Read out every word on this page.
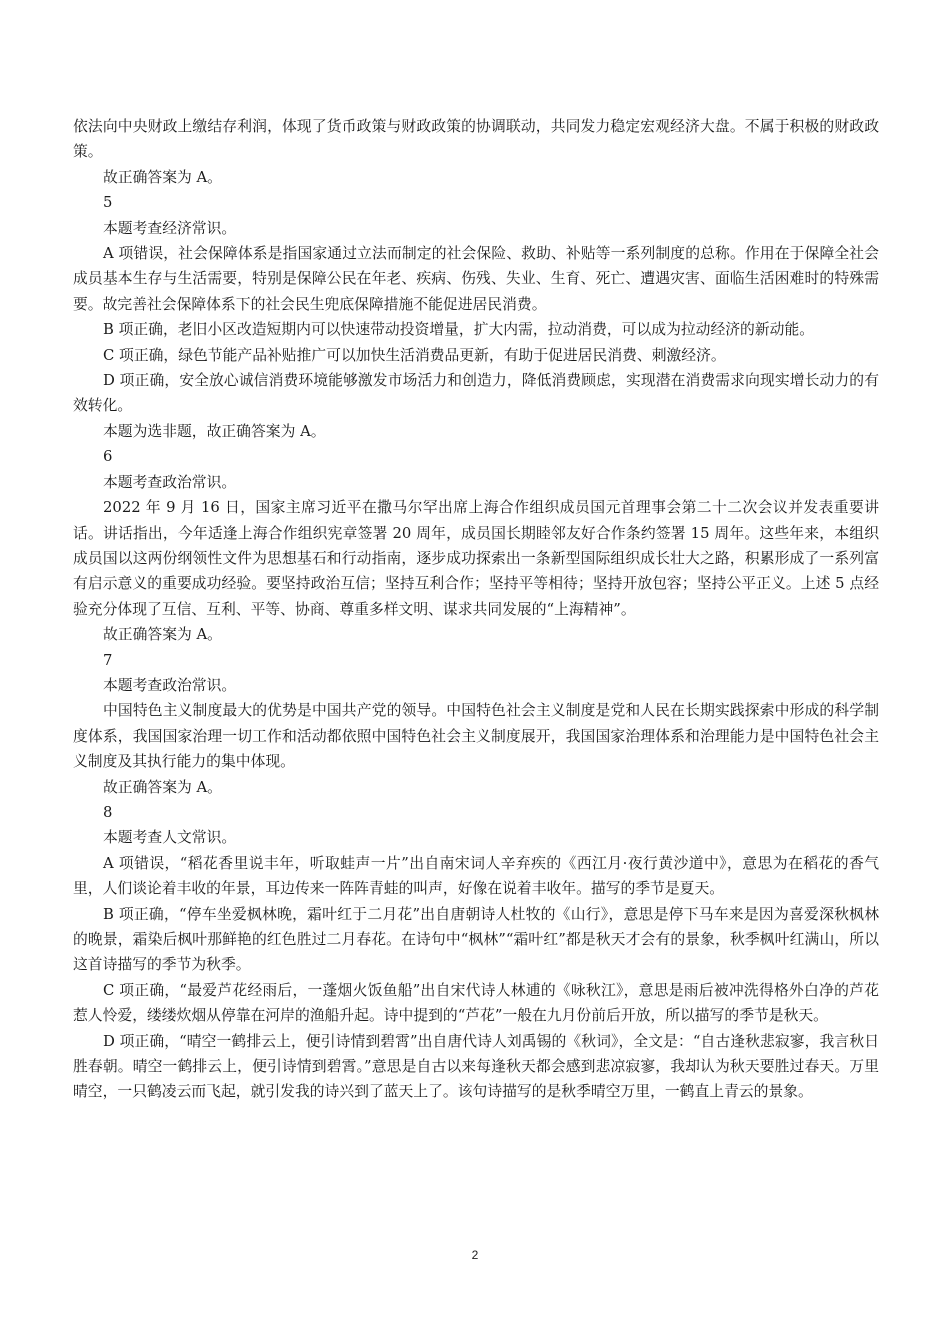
依法向中央财政上缴结存利润，体现了货币政策与财政政策的协调联动，共同发力稳定宏观经济大盘。不属于积极的财政政策。

故正确答案为 A。

5

本题考查经济常识。

A 项错误，社会保障体系是指国家通过立法而制定的社会保险、救助、补贴等一系列制度的总称。作用在于保障全社会成员基本生存与生活需要，特别是保障公民在年老、疾病、伤残、失业、生育、死亡、遭遇灾害、面临生活困难时的特殊需要。故完善社会保障体系下的社会民生兜底保障措施不能促进居民消费。

B 项正确，老旧小区改造短期内可以快速带动投资增量，扩大内需，拉动消费，可以成为拉动经济的新动能。

C 项正确，绿色节能产品补贴推广可以加快生活消费品更新，有助于促进居民消费、刺激经济。

D 项正确，安全放心诚信消费环境能够激发市场活力和创造力，降低消费顾虑，实现潜在消费需求向现实增长动力的有效转化。

本题为选非题，故正确答案为 A。

6

本题考查政治常识。

2022 年 9 月 16 日，国家主席习近平在撒马尔罕出席上海合作组织成员国元首理事会第二十二次会议并发表重要讲话。讲话指出，今年适逢上海合作组织宪章签署 20 周年，成员国长期睦邻友好合作条约签署 15 周年。这些年来，本组织成员国以这两份纲领性文件为思想基石和行动指南，逐步成功探索出一条新型国际组织成长壮大之路，积累形成了一系列富有启示意义的重要成功经验。要坚持政治互信；坚持互利合作；坚持平等相待；坚持开放包容；坚持公平正义。上述 5 点经验充分体现了互信、互利、平等、协商、尊重多样文明、谋求共同发展的“上海精神”。

故正确答案为 A。

7

本题考查政治常识。

中国特色主义制度最大的优势是中国共产党的领导。中国特色社会主义制度是党和人民在长期实践探索中形成的科学制度体系，我国国家治理一切工作和活动都依照中国特色社会主义制度展开，我国国家治理体系和治理能力是中国特色社会主义制度及其执行能力的集中体现。

故正确答案为 A。

8

本题考查人文常识。

A 项错误，“稻花香里说丰年，听取蛙声一片”出自南宋词人辛弃疾的《西江月·夜行黄沙道中》，意思为在稻花的香气里，人们谈论着丰收的年景，耳边传来一阵阵青蛙的叫声，好像在说着丰收年。描写的季节是夏天。

B 项正确，“停车坐爱枫林晚，霜叶红于二月花”出自唐朝诗人杜牧的《山行》，意思是停下马车来是因为喜爱深秋枫林的晚景，霜染后枫叶那鲜艳的红色胜过二月春花。在诗句中“枫林”“霜叶红”都是秋天才会有的景象，秋季枫叶红满山，所以这首诗描写的季节为秋季。

C 项正确，“最爱芦花经雨后，一蓬烟火饭鱼船”出自宋代诗人林逋的《咏秋江》，意思是雨后被冲洗得格外白净的芦花惹人怜爱，缕缕炊烟从停靠在河岸的渔船升起。诗中提到的“芦花”一般在九月份前后开放，所以描写的季节是秋天。

D 项正确，“晴空一鹤排云上，便引诗情到碧霄”出自唐代诗人刘禹锡的《秋词》，全文是：“自古逢秋悲寂寥，我言秋日胜春朝。晴空一鹤排云上，便引诗情到碧霄。”意思是自古以来每逢秋天都会感到悲凉寂寥，我却认为秋天要胜过春天。万里晴空，一只鹤凌云而飞起，就引发我的诗兴到了蓝天上了。该句诗描写的是秋季晴空万里，一鹤直上青云的景象。

2
